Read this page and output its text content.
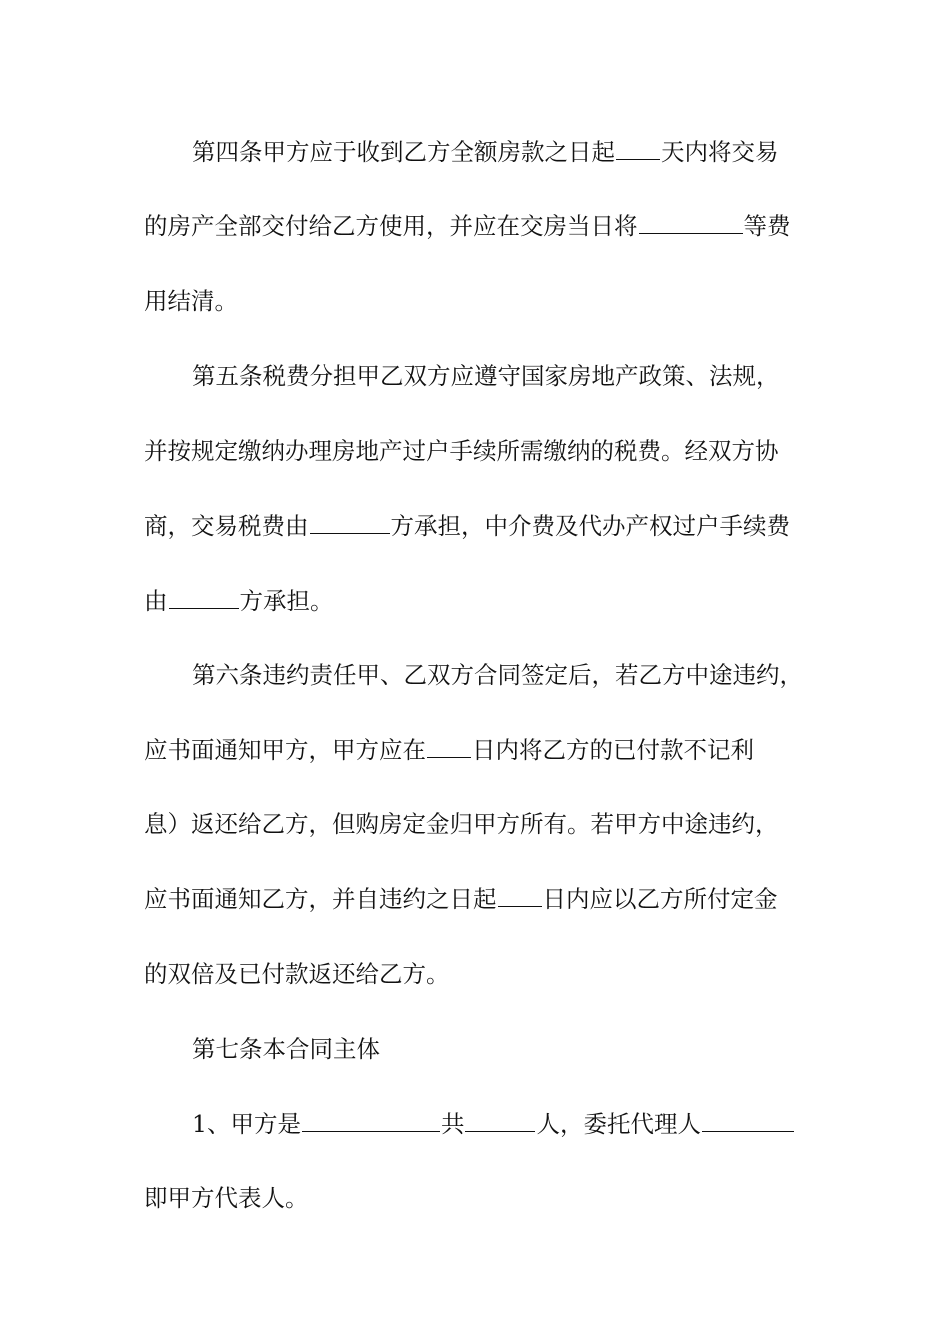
第四条甲方应于收到乙方全额房款之日起 天内将交易
的房产全部交付给乙方使用，并应在交房当日将	等费
用结清。
第五条税费分担甲乙双方应遵守国家房地产政策、法规，
并按规定缴纳办理房地产过户手续所需缴纳的税费。经双方协
商，交易税费由	方承担，中介费及代办产权过户手续费
由	方承担。
第六条违约责任甲、乙双方合同签定后，若乙方中途违约，
应书面通知甲方，甲方应在 日内将乙方的已付款不记利
息）返还给乙方，但购房定金归甲方所有。若甲方中途违约，
应书面通知乙方，并自违约之日起 日内应以乙方所付定金
的双倍及已付款返还给乙方。
第七条本合同主体
1、甲方是	共	人，委托代理人
即甲方代表人。
